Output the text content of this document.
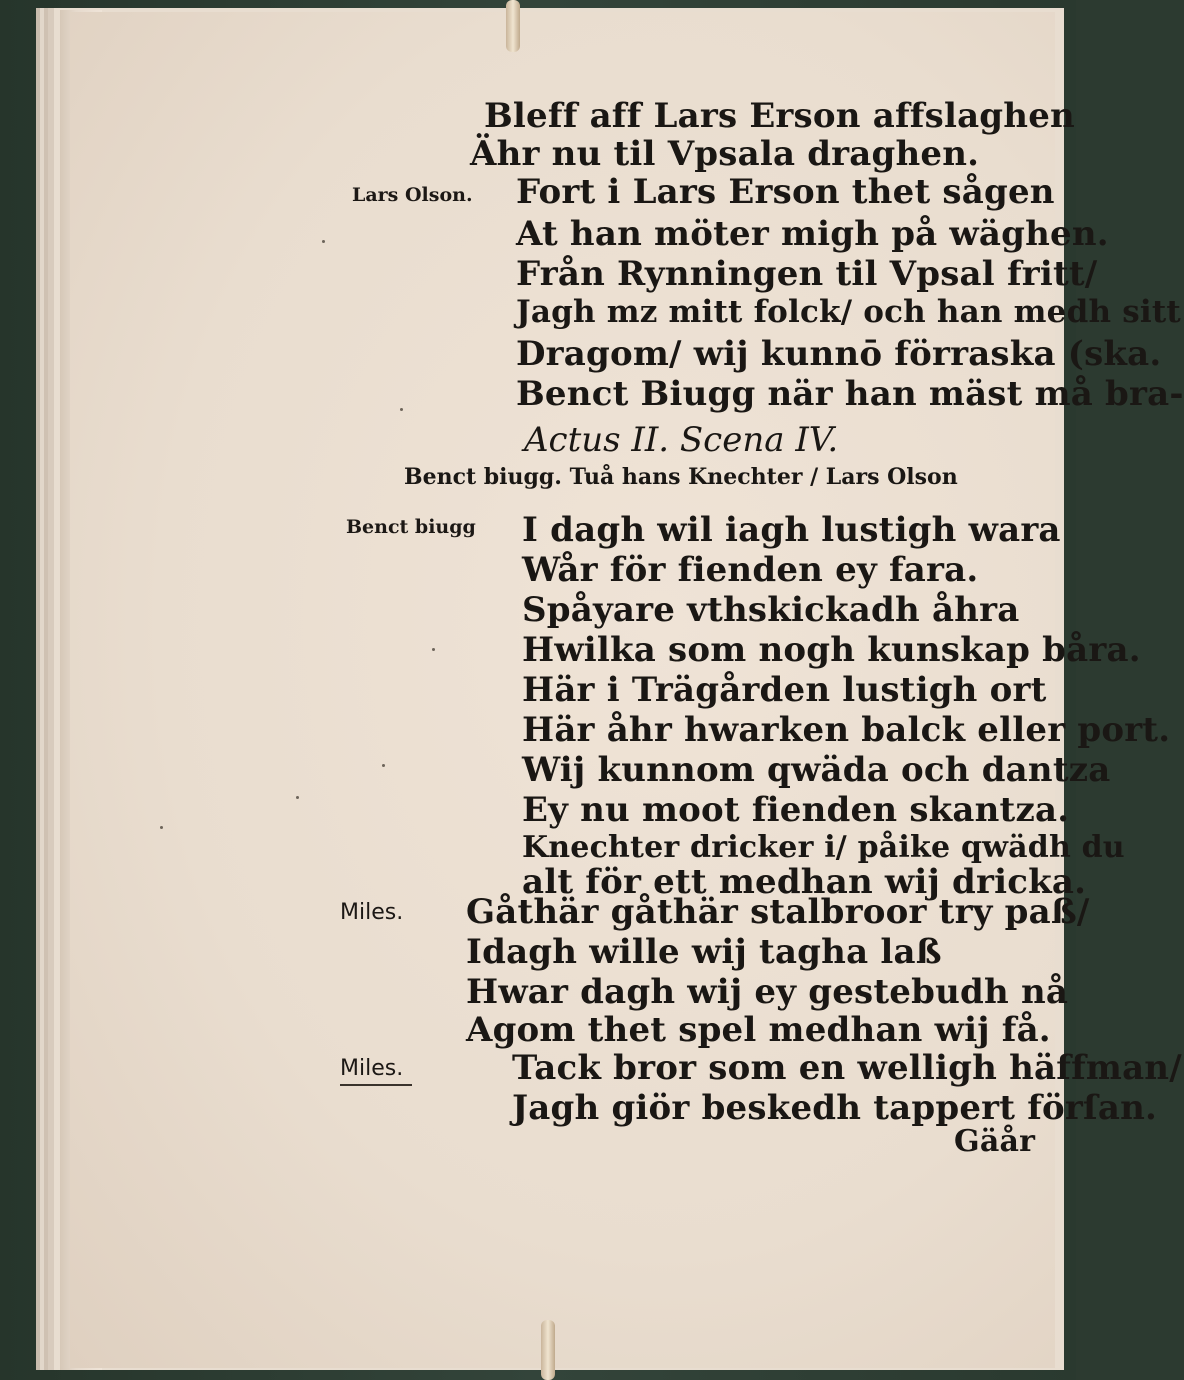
Bleff aff Lars Erson affslaghen
Ähr nu til Vpsala draghen.
Lars Olson. Fort i Lars Erson thet sågen
At han möter migh på wäghen.
Från Rynningen til Vpsal fritt/
Jagh mz mitt folck/ och han medh sitt
Dragom/ wij kunnō förraska (ska.
Benct Biugg när han mäst må bra-
Actus II. Scena IV.
Benct biugg. Tuå hans Knechter / Lars Olson
Benct biugg I dagh wil iagh lustigh wara
Wår för fienden ey fara.
Spåyare vthskickadh åhra
Hwilka som nogh kunskap båra.
Här i Trägården lustigh ort
Här åhr hwarken balck eller port.
Wij kunnom qwäda och dantza
Ey nu moot fienden skantza.
Knechter dricker i/ påike qwädh du
alt för ett medhan wij dricka.
Miles. Gåthär gåthär stalbroor try paß/
Idagh wille wij tagha laß
Hwar dagh wij ey gestebudh nå
Agom thet spel medhan wij få.
Miles.	Tack bror som en welligh häffman/
Jagh giör beskedh tappert förſan.
Gäår
